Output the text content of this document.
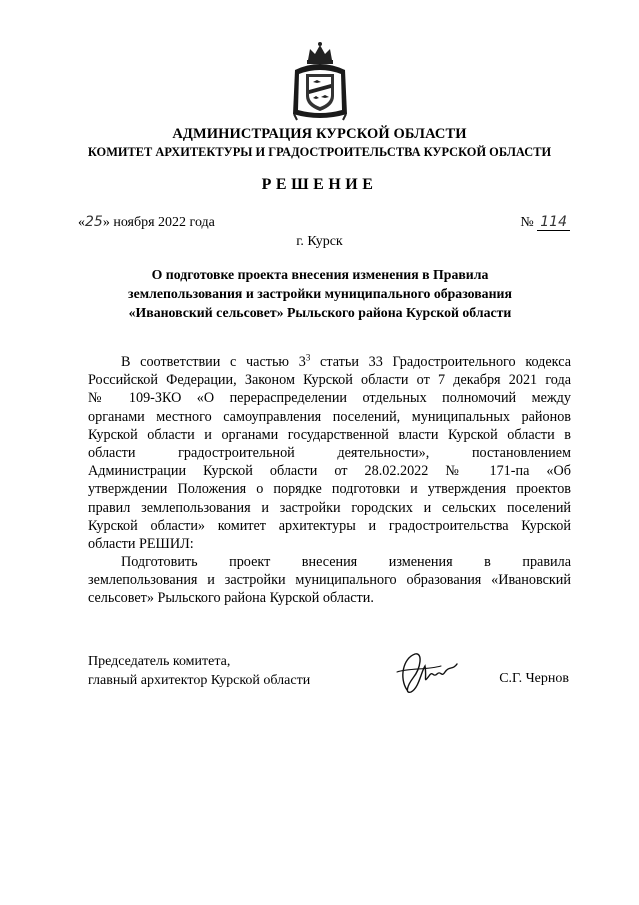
АДМИНИСТРАЦИЯ КУРСКОЙ ОБЛАСТИ
КОМИТЕТ АРХИТЕКТУРЫ И ГРАДОСТРОИТЕЛЬСТВА КУРСКОЙ ОБЛАСТИ
РЕШЕНИЕ
«25» ноября 2022 года	№ 114
г. Курск
О подготовке проекта внесения изменения в Правила
землепользования и застройки муниципального образования
«Ивановский сельсовет» Рыльского района Курской области
В соответствии с частью $3^3$ статьи 33 Градостроительного кодекса
Российской Федерации, Законом Курской области от 7 декабря 2021 года
№ 109-ЗКО «О перераспределении отдельных полномочий между
органами местного самоуправления поселений, муниципальных районов
Курской области и органами государственной власти Курской области в
области градостроительной деятельности», постановлением
Администрации Курской области от 28.02.2022 № 171-па «Об
утверждении Положения о порядке подготовки и утверждения проектов
правил землепользования и застройки городских и сельских поселений
Курской области» комитет архитектуры и градостроительства Курской
области РЕШИЛ:
Подготовить проект внесения изменения в правила
землепользования и застройки муниципального образования «Ивановский
сельсовет» Рыльского района Курской области.
Председатель комитета,
главный архитектор Курской области	С.Г. Чернов
